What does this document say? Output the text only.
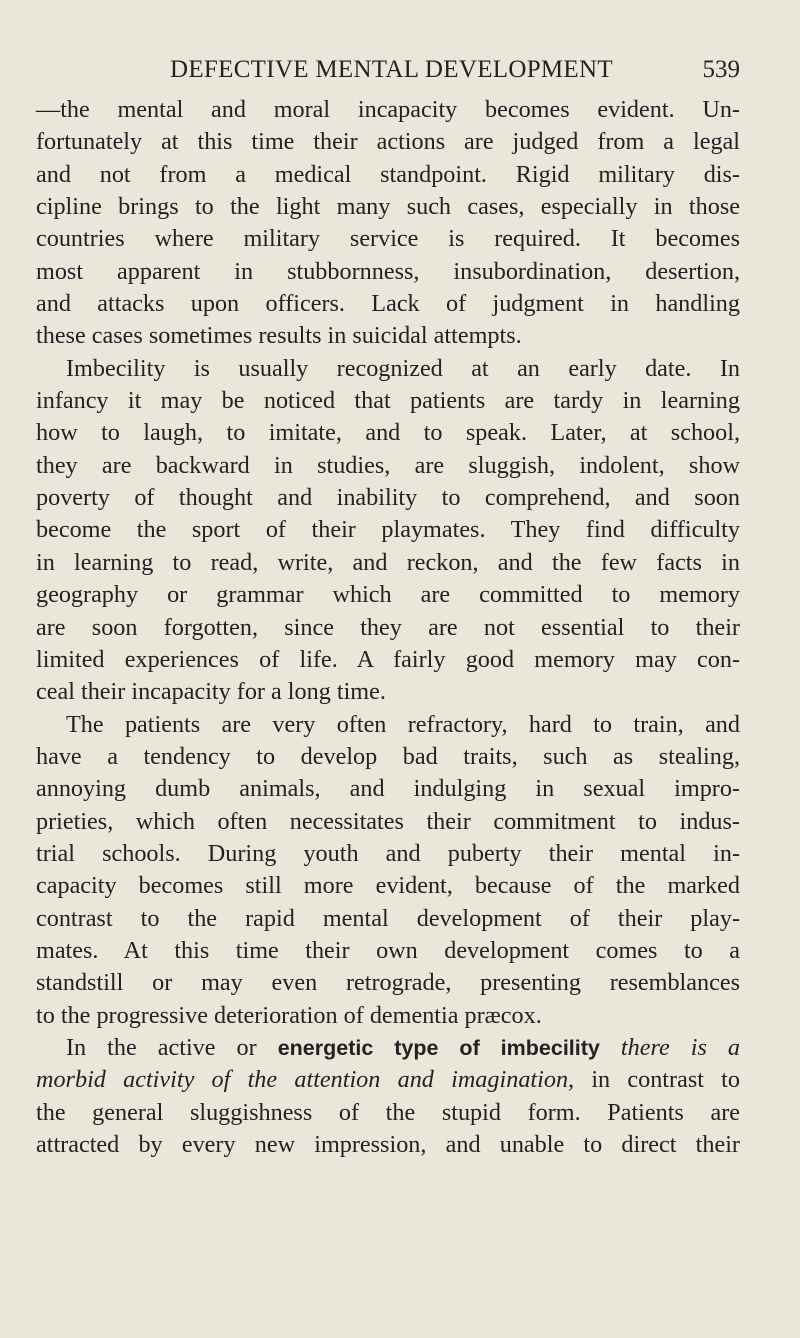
DEFECTIVE MENTAL DEVELOPMENT	539
—the mental and moral incapacity becomes evident. Un-
fortunately at this time their actions are judged from a legal
and not from a medical standpoint. Rigid military dis-
cipline brings to the light many such cases, especially in those
countries where military service is required. It becomes
most apparent in stubbornness, insubordination, desertion,
and attacks upon officers. Lack of judgment in handling
these cases sometimes results in suicidal attempts.
Imbecility is usually recognized at an early date. In
infancy it may be noticed that patients are tardy in learning
how to laugh, to imitate, and to speak. Later, at school,
they are backward in studies, are sluggish, indolent, show
poverty of thought and inability to comprehend, and soon
become the sport of their playmates. They find difficulty
in learning to read, write, and reckon, and the few facts in
geography or grammar which are committed to memory
are soon forgotten, since they are not essential to their
limited experiences of life. A fairly good memory may con-
ceal their incapacity for a long time.
The patients are very often refractory, hard to train, and
have a tendency to develop bad traits, such as stealing,
annoying dumb animals, and indulging in sexual impro-
prieties, which often necessitates their commitment to indus-
trial schools. During youth and puberty their mental in-
capacity becomes still more evident, because of the marked
contrast to the rapid mental development of their play-
mates. At this time their own development comes to a
standstill or may even retrograde, presenting resemblances
to the progressive deterioration of dementia præcox.
In the active or energetic type of imbecility there is a
morbid activity of the attention and imagination, in contrast to
the general sluggishness of the stupid form. Patients are
attracted by every new impression, and unable to direct their
